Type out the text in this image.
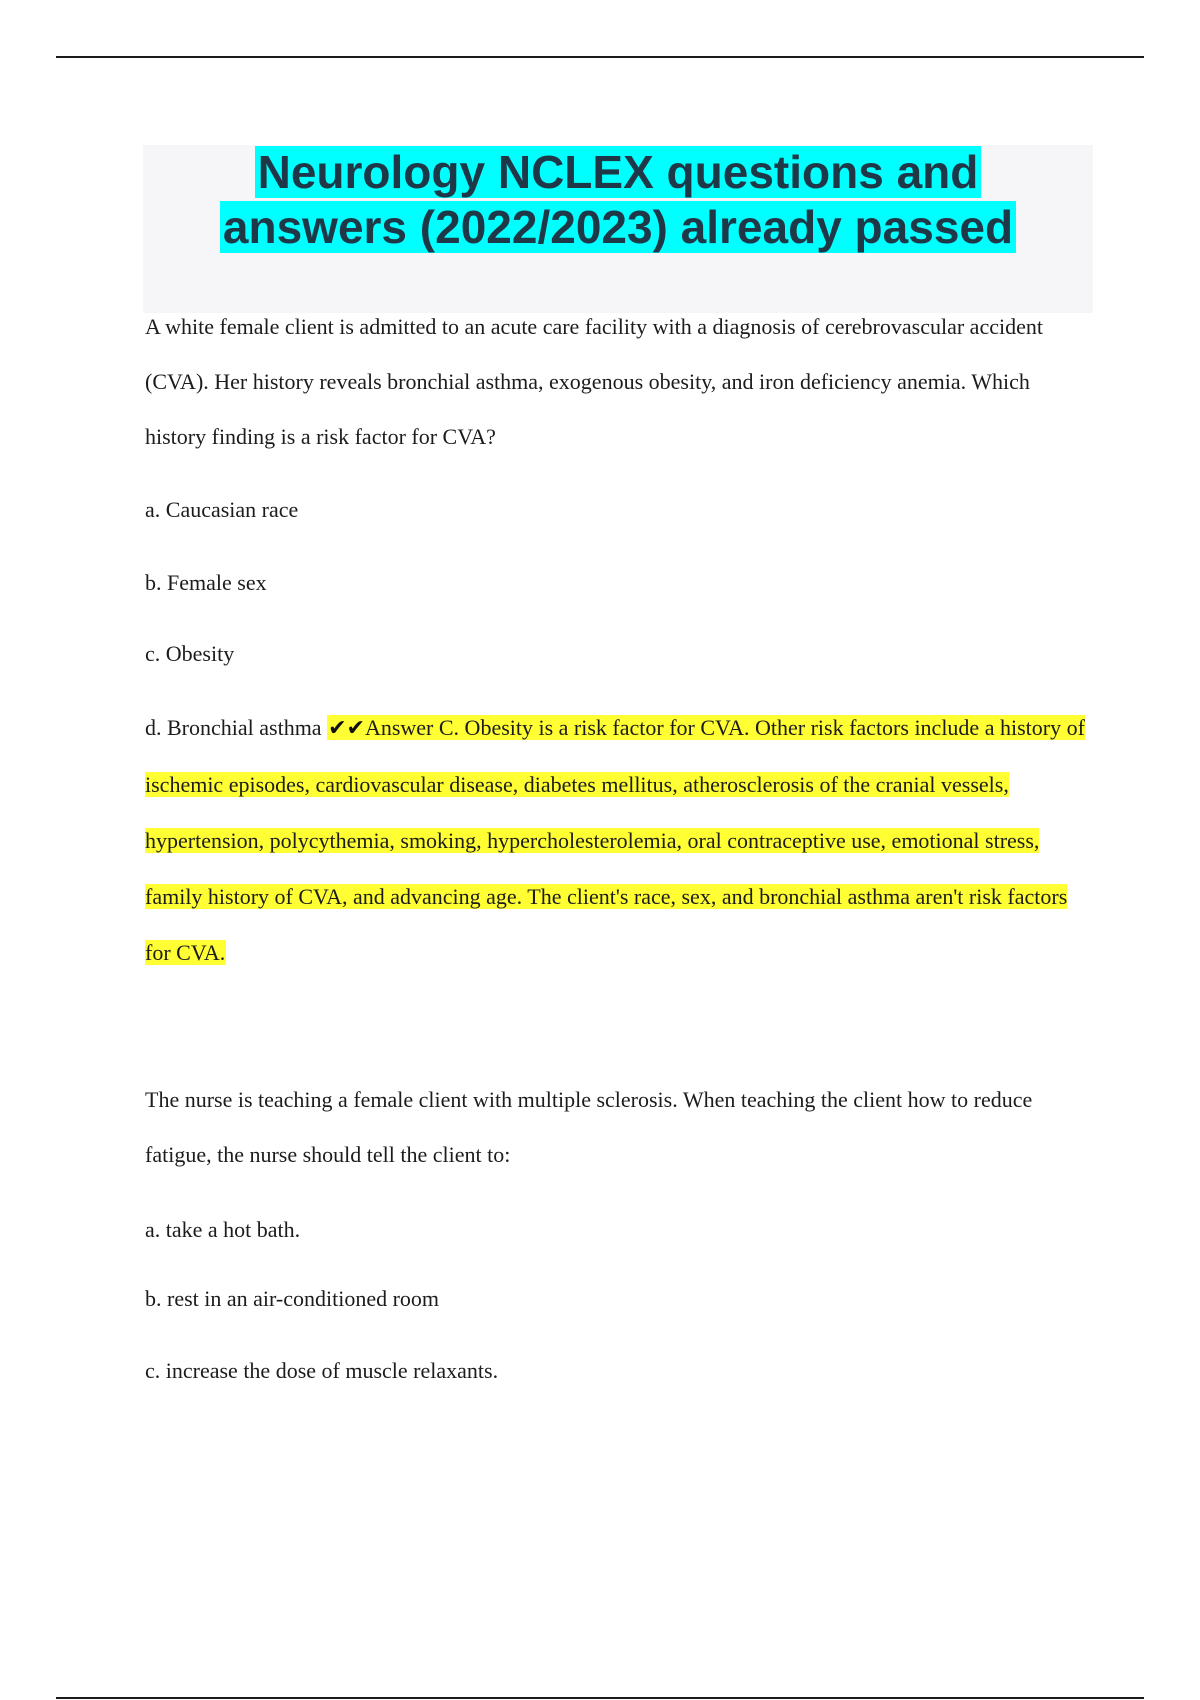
Neurology NCLEX questions and
answers (2022/2023) already passed

A white female client is admitted to an acute care facility with a diagnosis of cerebrovascular accident (CVA). Her history reveals bronchial asthma, exogenous obesity, and iron deficiency anemia. Which history finding is a risk factor for CVA?

a. Caucasian race

b. Female sex

c. Obesity

d. Bronchial asthma ✔✔Answer C. Obesity is a risk factor for CVA. Other risk factors include a history of ischemic episodes, cardiovascular disease, diabetes mellitus, atherosclerosis of the cranial vessels, hypertension, polycythemia, smoking, hypercholesterolemia, oral contraceptive use, emotional stress, family history of CVA, and advancing age. The client's race, sex, and bronchial asthma aren't risk factors for CVA.

The nurse is teaching a female client with multiple sclerosis. When teaching the client how to reduce fatigue, the nurse should tell the client to:

a. take a hot bath.

b. rest in an air-conditioned room

c. increase the dose of muscle relaxants.
